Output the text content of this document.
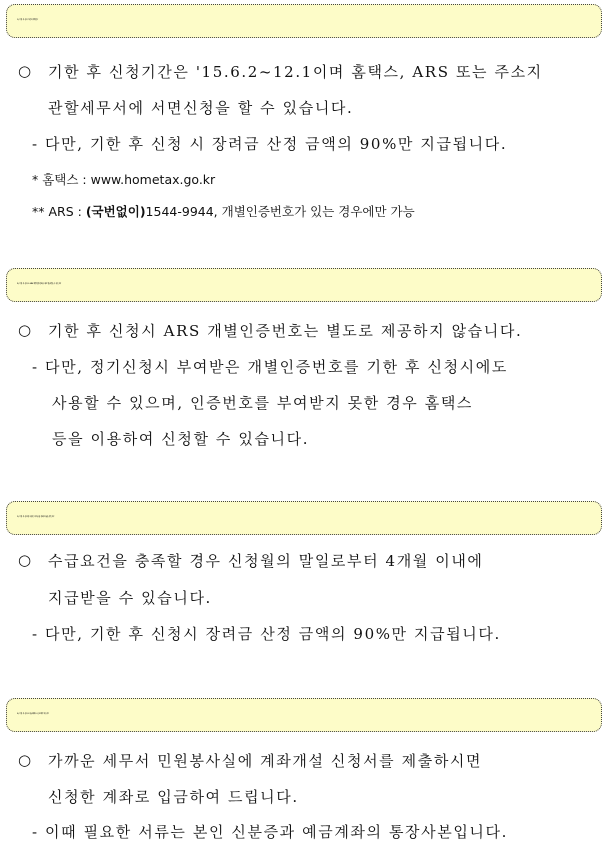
1) 기한 후 신청 기간과 방법은?
○ 기한 후 신청기간은 '15.6.2~12.1이며 홈택스, ARS 또는 주소지
관할세무서에 서면신청을 할 수 있습니다.
- 다만, 기한 후 신청 시 장려금 산정 금액의 90%만 지급됩니다.
* 홈택스 : www.hometax.go.kr
** ARS : (국번없이)1544-9944, 개별인증번호가 있는 경우에만 가능
2) 기한 후 신청시 ARS 개별인증번호를 새로 발급받을 수 있는지?
○ 기한 후 신청시 ARS 개별인증번호는 별도로 제공하지 않습니다.
- 다만, 정기신청시 부여받은 개별인증번호를 기한 후 신청시에도
사용할 수 있으며, 인증번호를 부여받지 못한 경우 홈택스
등을 이용하여 신청할 수 있습니다.
3) 기한 후 신청한 사람은 장려금을 언제 지급을 받는지?
○ 수급요건을 충족할 경우 신청월의 말일로부터 4개월 이내에
지급받을 수 있습니다.
- 다만, 기한 후 신청시 장려금 산정 금액의 90%만 지급됩니다.
4) 기한 후 신청시 환급계좌도 신고해야 하는지?
○ 가까운 세무서 민원봉사실에 계좌개설 신청서를 제출하시면
신청한 계좌로 입금하여 드립니다.
- 이때 필요한 서류는 본인 신분증과 예금계좌의 통장사본입니다.
